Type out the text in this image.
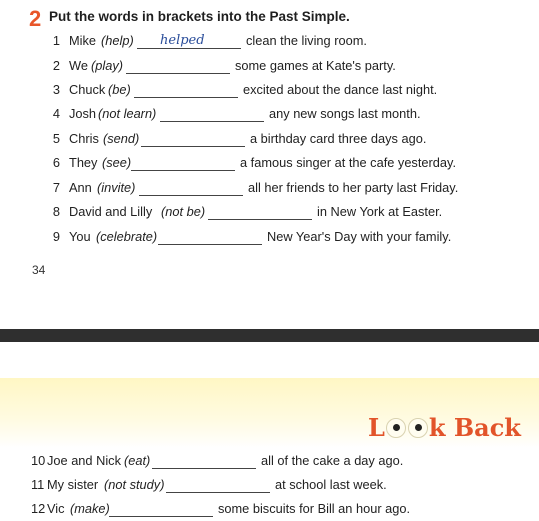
2 Put the words in brackets into the Past Simple.
1 Mike (help) helped	clean the living room.
2 We (play)	some games at Kate's party.
3 Chuck (be)	excited about the dance last night.
4 Josh (not learn)	any new songs last month.
5 Chris (send)	a birthday card three days ago.
6 They (see)	a famous singer at the cafe yesterday.
7 Ann (invite)	all her friends to her party last Friday.
8 David and Lilly (not be)	in New York at Easter.
9 You (celebrate)	New Year's Day with your family.
34
L k Back
10 Joe and Nick (eat)	all of the cake a day ago.
11 My sister (not study)	at school last week.
12 Vic (make)	some biscuits for Bill an hour ago.
